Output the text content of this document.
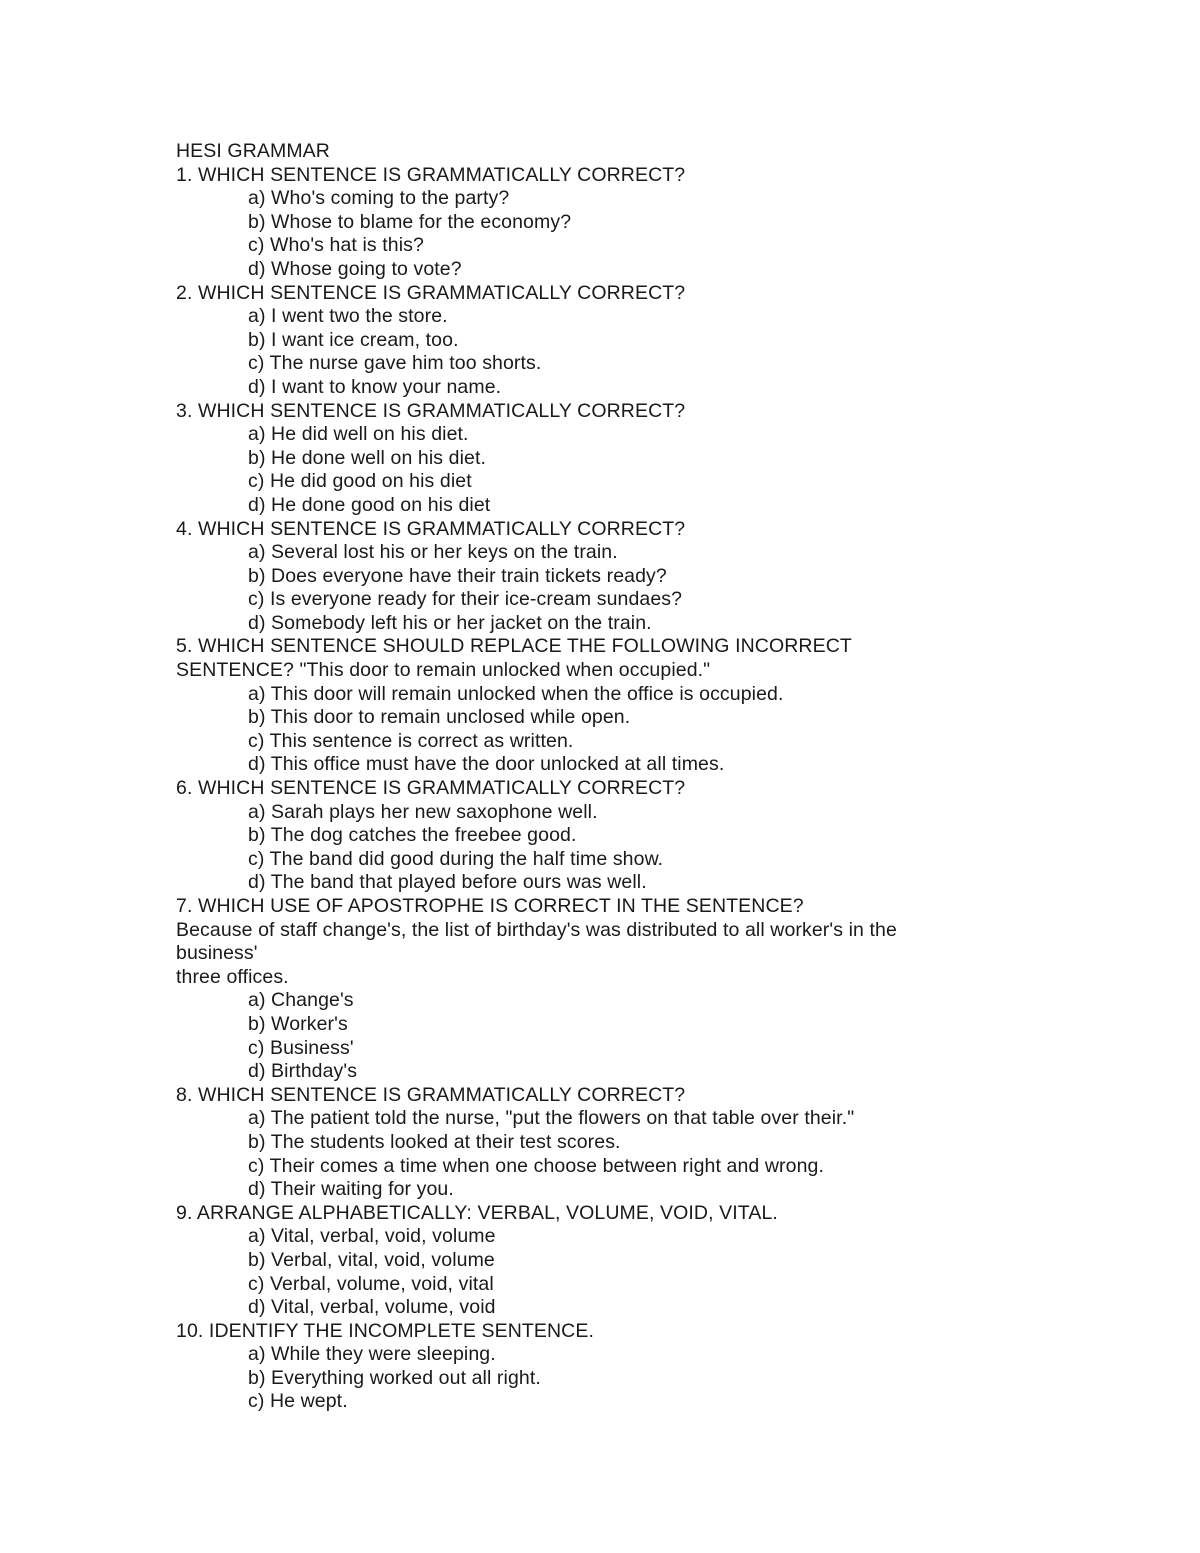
HESI GRAMMAR
1. WHICH SENTENCE IS GRAMMATICALLY CORRECT?
a) Who's coming to the party?
b) Whose to blame for the economy?
c) Who's hat is this?
d) Whose going to vote?
2. WHICH SENTENCE IS GRAMMATICALLY CORRECT?
a) I went two the store.
b) I want ice cream, too.
c) The nurse gave him too shorts.
d) I want to know your name.
3. WHICH SENTENCE IS GRAMMATICALLY CORRECT?
a) He did well on his diet.
b) He done well on his diet.
c) He did good on his diet
d) He done good on his diet
4. WHICH SENTENCE IS GRAMMATICALLY CORRECT?
a) Several lost his or her keys on the train.
b) Does everyone have their train tickets ready?
c) Is everyone ready for their ice-cream sundaes?
d) Somebody left his or her jacket on the train.
5. WHICH SENTENCE SHOULD REPLACE THE FOLLOWING INCORRECT
SENTENCE? "This door to remain unlocked when occupied."
a) This door will remain unlocked when the office is occupied.
b) This door to remain unclosed while open.
c) This sentence is correct as written.
d) This office must have the door unlocked at all times.
6. WHICH SENTENCE IS GRAMMATICALLY CORRECT?
a) Sarah plays her new saxophone well.
b) The dog catches the freebee good.
c) The band did good during the half time show.
d) The band that played before ours was well.
7. WHICH USE OF APOSTROPHE IS CORRECT IN THE SENTENCE?
Because of staff change's, the list of birthday's was distributed to all worker's in the
business'
three offices.
a) Change's
b) Worker's
c) Business'
d) Birthday's
8. WHICH SENTENCE IS GRAMMATICALLY CORRECT?
a) The patient told the nurse, "put the flowers on that table over their."
b) The students looked at their test scores.
c) Their comes a time when one choose between right and wrong.
d) Their waiting for you.
9. ARRANGE ALPHABETICALLY: VERBAL, VOLUME, VOID, VITAL.
a) Vital, verbal, void, volume
b) Verbal, vital, void, volume
c) Verbal, volume, void, vital
d) Vital, verbal, volume, void
10. IDENTIFY THE INCOMPLETE SENTENCE.
a) While they were sleeping.
b) Everything worked out all right.
c) He wept.
